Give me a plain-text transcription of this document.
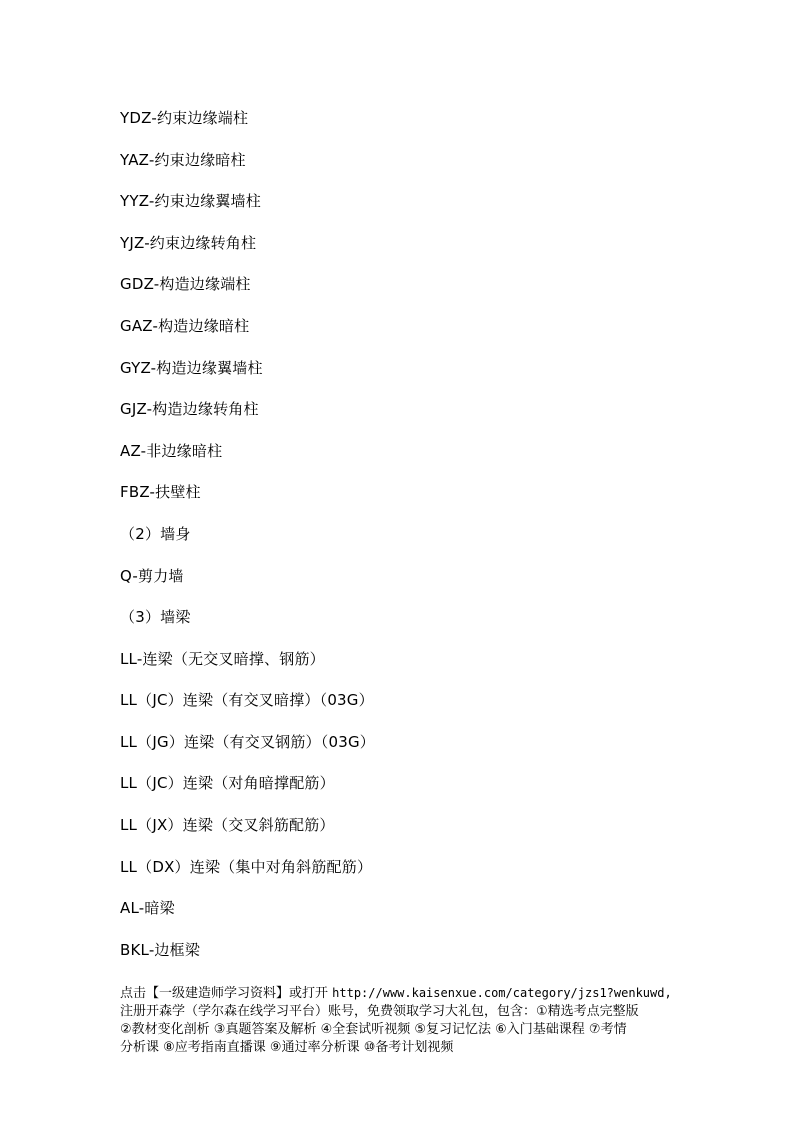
YDZ-约束边缘端柱
YAZ-约束边缘暗柱
YYZ-约束边缘翼墙柱
YJZ-约束边缘转角柱
GDZ-构造边缘端柱
GAZ-构造边缘暗柱
GYZ-构造边缘翼墙柱
GJZ-构造边缘转角柱
AZ-非边缘暗柱
FBZ-扶壁柱
（2）墙身
Q-剪力墙
（3）墙梁
LL-连梁（无交叉暗撑、钢筋）
LL（JC）连梁（有交叉暗撑）（03G）
LL（JG）连梁（有交叉钢筋）（03G）
LL（JC）连梁（对角暗撑配筋）
LL（JX）连梁（交叉斜筋配筋）
LL（DX）连梁（集中对角斜筋配筋）
AL-暗梁
BKL-边框梁
点击【一级建造师学习资料】或打开 http://www.kaisenxue.com/category/jzs1?wenkuwd,
注册开森学（学尔森在线学习平台）账号，免费领取学习大礼包，包含：①精选考点完整版
②教材变化剖析 ③真题答案及解析 ④全套试听视频 ⑤复习记忆法 ⑥入门基础课程 ⑦考情
分析课 ⑧应考指南直播课 ⑨通过率分析课 ⑩备考计划视频
